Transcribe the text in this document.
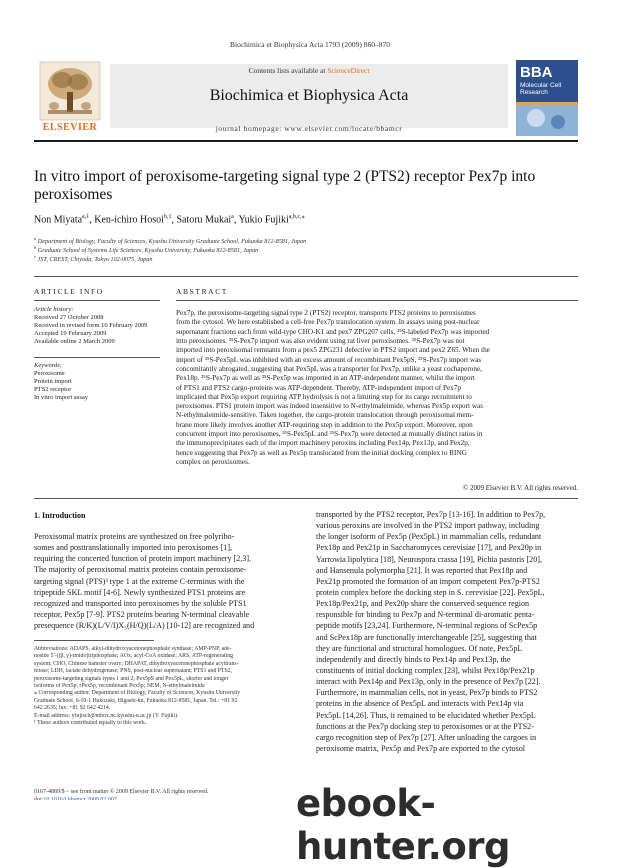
Biochimica et Biophysica Acta 1793 (2009) 860–870
Contents lists available at ScienceDirect
Biochimica et Biophysica Acta
journal homepage: www.elsevier.com/locate/bbamcr
ELSEVIER
BBA
Molecular Cell
Research
In vitro import of peroxisome-targeting signal type 2 (PTS2) receptor Pex7p into peroxisomes
Non Miyata$^{a,1}$, Ken-ichiro Hosoi$^{b,1}$, Satoru Mukai$^a$, Yukio Fujiki$^{a,b,c,⁎}$
$^a$ Department of Biology, Faculty of Sciences, Kyushu University Graduate School, Fukuoka 812-8581, Japan
$^b$ Graduate School of Systems Life Sciences, Kyushu University, Fukuoka 812-8581, Japan
$^c$ JST, CREST, Chiyoda, Tokyo 102-0075, Japan
ARTICLE INFO
Article history:
Received 27 October 2008
Received in revised form 10 February 2009
Accepted 19 February 2009
Available online 2 March 2009
Keywords:
Peroxisome
Protein import
PTS2 receptor
In vitro import assay
ABSTRACT
Pex7p, the peroxisome-targeting signal type 2 (PTS2) receptor, transports PTS2 proteins to peroxisomes
from the cytosol. We here established a cell-free Pex7p translocation system. In assays using post-nuclear
supernatant fractions each from wild-type CHO-K1 and pex7 ZPG207 cells, ³⁵S-labeled Pex7p was imported
into peroxisomes. ³⁵S-Pex7p import was also evident using rat liver peroxisomes. ³⁵S-Pex7p was not
imported into peroxisomal remnants from a pex5 ZPG231 defective in PTS2 import and pex2 Z65. When the
import of ³⁵S-Pex5pL was inhibited with an excess amount of recombinant Pex5pS, ³⁵S-Pex7p import was
concomitantly abrogated, suggesting that Pex5pL was a transporter for Pex7p, unlike a yeast cochaperone,
Pex18p. ³⁵S-Pex7p as well as ³⁵S-Pex5p was imported in an ATP-independent manner, whilst the import
of PTS1 and PTS2 cargo-proteins was ATP-dependent. Thereby, ATP-independent import of Pex7p
implicated that Pex5p export requiring ATP hydrolysis is not a limiting step for its cargo recruitment to
peroxisomes. PTS1 protein import was indeed insensitive to N-ethylmaleimide, whereas Pex5p export was
N-ethylmaleimide-sensitive. Taken together, the cargo-protein translocation through peroxisomal mem-
brane more likely involves another ATP-requiring step in addition to the Pex5p export. Moreover, upon
concurrent import into peroxisomes, ³⁵S-Pex5pL and ³⁵S-Pex7p were detected at mutually distinct ratios in
the immunoprecipitates each of the import machinery peroxins including Pex14p, Pex13p, and Pex2p,
hence suggesting that Pex7p as well as Pex5p translocated from the initial docking complex to RING
complex on peroxisomes.
© 2009 Elsevier B.V. All rights reserved.
1. Introduction
Peroxisomal matrix proteins are synthesized on free polyribo-
somes and posttranslationally imported into peroxisomes [1],
requiring the concerted function of protein import machinery [2,3].
The majority of peroxisomal matrix proteins contain peroxisome-
targeting signal (PTS)³ type 1 at the extreme C-terminus with the
tripeptide SKL motif [4-6]. Newly synthesized PTS1 proteins are
recognized and transported into peroxisomes by the soluble PTS1
receptor, Pex5p [7-9]. PTS2 proteins bearing N-terminal cleavable
presequence (R/K)(L/V/I)X₅(H/Q)(L/A) [10-12] are recognized and
transported by the PTS2 receptor, Pex7p [13-16]. In addition to Pex7p,
various peroxins are involved in the PTS2 import pathway, including
the longer isoform of Pex5p (Pex5pL) in mammalian cells, redundant
Pex18p and Pex21p in Saccharomyces cerevisiae [17], and Pex20p in
Yarrowia lipolytica [18], Neurospora crassa [19], Pichia pastoris [20],
and Hansenula polymorpha [21]. It was reported that Pex18p and
Pex21p promoted the formation of an import competent Pex7p-PTS2
protein complex before the docking step in S. cerevisiae [22]. Pex5pL,
Pex18p/Pex21p, and Pex20p share the conserved sequence region
responsible for binding to Pex7p and N-terminal di-aromatic penta-
peptide motifs [23,24]. Furthermore, N-terminal regions of ScPex5p
and ScPex18p are functionally interchangeable [25], suggesting that
they are functional and structural homologues. Of note, Pex5pL
independently and directly binds to Pex14p and Pex13p, the
constituents of initial docking complex [23], whilst Pex18p/Pex21p
interact with Pex14p and Pex13p, only in the presence of Pex7p [22].
Furthermore, in mammalian cells, not in yeast, Pex7p binds to PTS2
proteins in the absence of Pex5pL and interacts with Pex14p via
Pex5pL [14,26]. Thus, it remained to be elucidated whether Pex5pL
functions at the Pex7p docking step to peroxisomes or at the PTS2-
cargo recognition step of Pex7p [27]. After unloading the cargoes in
peroxisome matrix, Pex5p and Pex7p are exported to the cytosol
Abbreviations: ADAPS, alkyl-dihydroxyacetonephosphate synthase; AMP-PNP, ade-
nosine 5′-[(β, γ)-imido]triphosphate; AOx, acyl-CoA oxidase; ARS, ATP-regenerating
system; CHO, Chinese hamster ovary; DHAPAT, dihydroxyacetonephosphate acyltrans-
ferase; LDH, lactate dehydrogenase; PNS, post-nuclear supernatant; PTS1 and PTS2,
peroxisome-targeting signals types 1 and 2; Pex5pS and Pex5pL, shorter and longer
isoforms of Pex5p, rPex5p, recombinant Pex5p; NEM, N-ethylmaleimide
⁎ Corresponding author. Department of Biology, Faculty of Sciences, Kyushu University
Graduate School, 6-10-1 Hakozaki, Higashi-ku, Fukuoka 812-8581, Japan. Tel.: +81 92
642 2635; fax: +81 92 642 4214.
E-mail address: yfujiscb@mbox.nc.kyushu-u.ac.jp (Y. Fujiki).
¹ These authors contributed equally to this work.
0167-4889/$ – see front matter © 2009 Elsevier B.V. All rights reserved.	ebook-hunter.org
